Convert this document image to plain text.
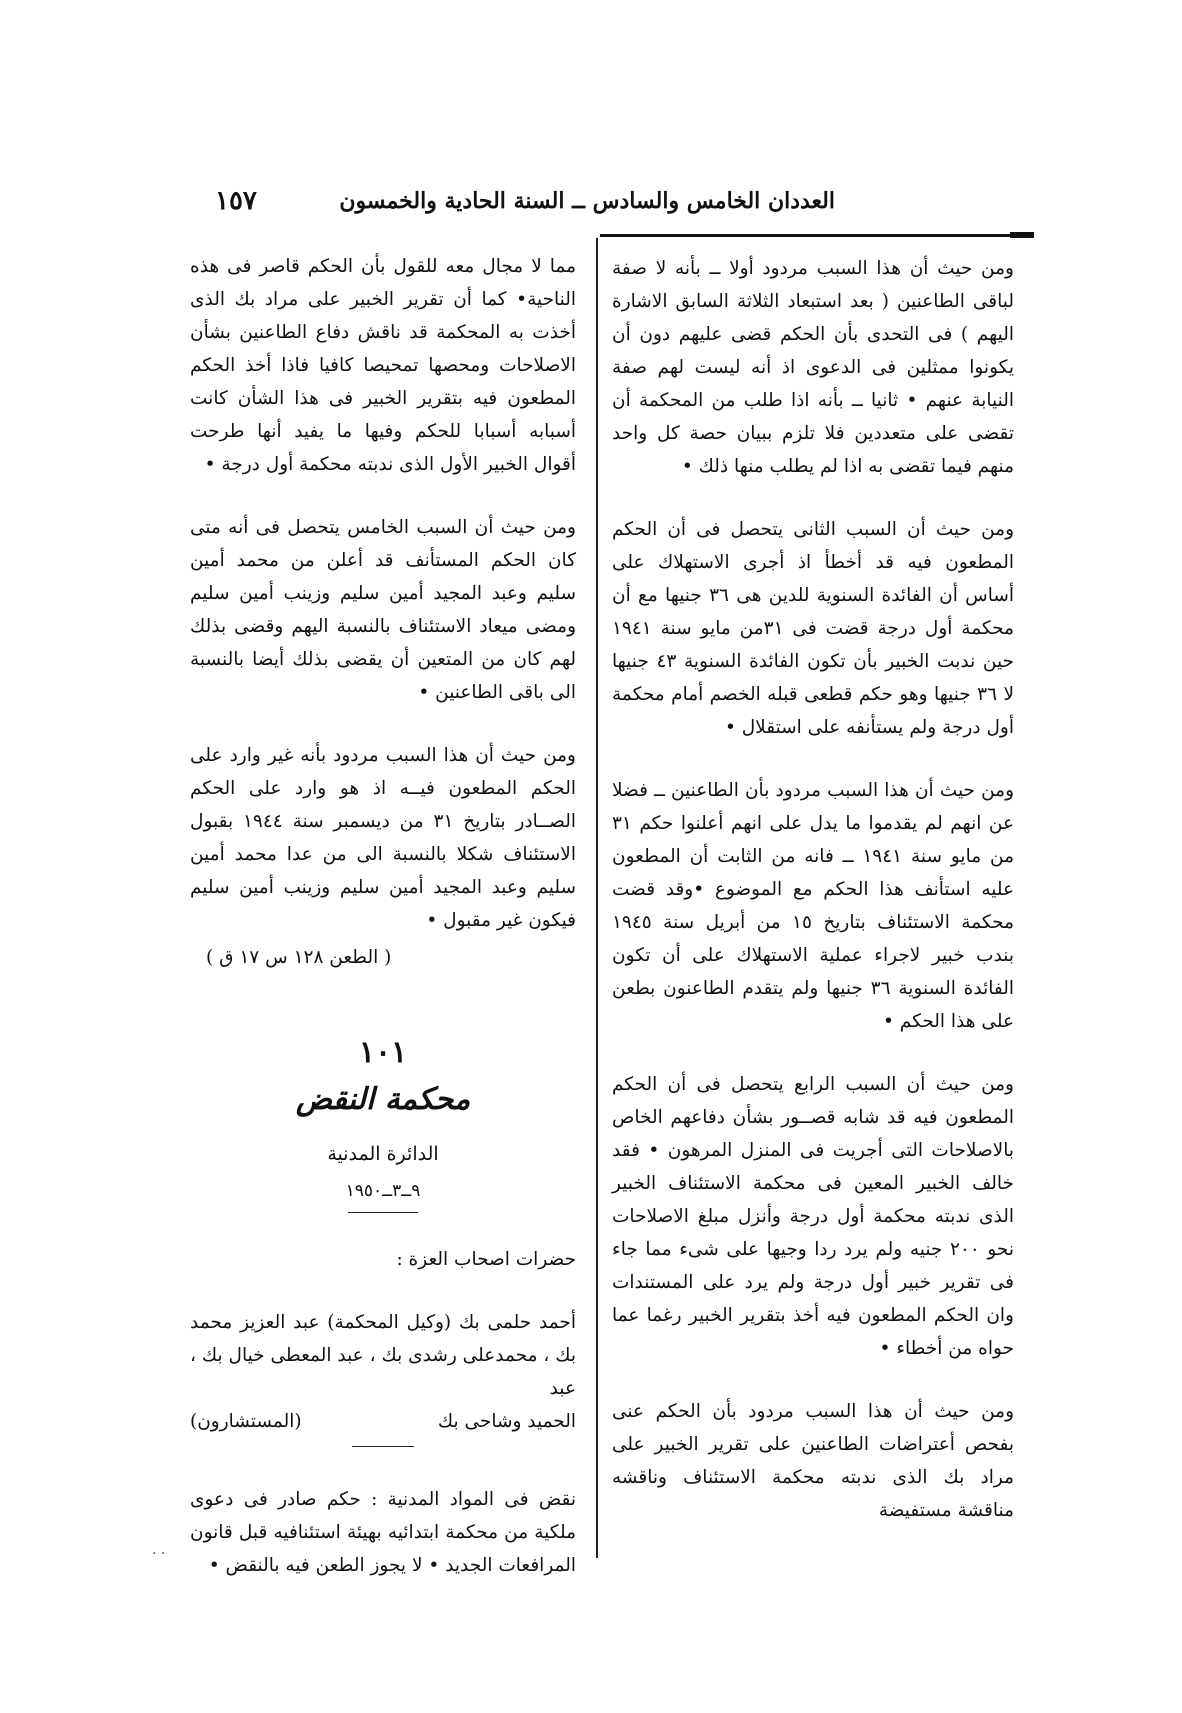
العددان الخامس والسادس ــ السنة الحادية والخمسون
١٥٧

ومن حيث أن هذا السبب مردود أولا ــ بأنه لا صفة لباقى الطاعنين ( بعد استبعاد الثلاثة السابق الاشارة اليهم ) فى التحدى بأن الحكم قضى عليهم دون أن يكونوا ممثلين فى الدعوى اذ أنه ليست لهم صفة النيابة عنهم • ثانيا ــ بأنه اذا طلب من المحكمة أن تقضى على متعددين فلا تلزم ببيان حصة كل واحد منهم فيما تقضى به اذا لم يطلب منها ذلك •

ومن حيث أن السبب الثانى يتحصل فى أن الحكم المطعون فيه قد أخطأ اذ أجرى الاستهلاك على أساس أن الفائدة السنوية للدين هى ٣٦ جنيها مع أن محكمة أول درجة قضت فى ٣١من مايو سنة ١٩٤١ حين ندبت الخبير بأن تكون الفائدة السنوية ٤٣ جنيها لا ٣٦ جنيها وهو حكم قطعى قبله الخصم أمام محكمة أول درجة ولم يستأنفه على استقلال •

ومن حيث أن هذا السبب مردود بأن الطاعنين ــ فضلا عن انهم لم يقدموا ما يدل على انهم أعلنوا حكم ٣١ من مايو سنة ١٩٤١ ــ فانه من الثابت أن المطعون عليه استأنف هذا الحكم مع الموضوع •وقد قضت محكمة الاستئناف بتاريخ ١٥ من أبريل سنة ١٩٤٥ بندب خبير لاجراء عملية الاستهلاك على أن تكون الفائدة السنوية ٣٦ جنيها ولم يتقدم الطاعنون بطعن على هذا الحكم •

ومن حيث أن السبب الرابع يتحصل فى أن الحكم المطعون فيه قد شابه قصــور بشأن دفاعهم الخاص بالاصلاحات التى أجريت فى المنزل المرهون • فقد خالف الخبير المعين فى محكمة الاستئناف الخبير الذى ندبته محكمة أول درجة وأنزل مبلغ الاصلاحات نحو ٢٠٠ جنيه ولم يرد ردا وجيها على شىء مما جاء فى تقرير خبير أول درجة ولم يرد على المستندات وان الحكم المطعون فيه أخذ بتقرير الخبير رغما عما حواه من أخطاء •

ومن حيث أن هذا السبب مردود بأن الحكم عنى بفحص أعتراضات الطاعنين على تقرير الخبير على مراد بك الذى ندبته محكمة الاستئناف وناقشه مناقشة مستفيضة

مما لا مجال معه للقول بأن الحكم قاصر فى هذه الناحية• كما أن تقرير الخبير على مراد بك الذى أخذت به المحكمة قد ناقش دفاع الطاعنين بشأن الاصلاحات ومحصها تمحيصا كافيا فاذا أخذ الحكم المطعون فيه بتقرير الخبير فى هذا الشأن كانت أسبابه أسبابا للحكم وفيها ما يفيد أنها طرحت أقوال الخبير الأول الذى ندبته محكمة أول درجة •

ومن حيث أن السبب الخامس يتحصل فى أنه متى كان الحكم المستأنف قد أعلن من محمد أمين سليم وعبد المجيد أمين سليم وزينب أمين سليم ومضى ميعاد الاستئناف بالنسبة اليهم وقضى بذلك لهم كان من المتعين أن يقضى بذلك أيضا بالنسبة الى باقى الطاعنين •

ومن حيث أن هذا السبب مردود بأنه غير وارد على الحكم المطعون فيــه اذ هو وارد على الحكم الصــادر بتاريخ ٣١ من ديسمبر سنة ١٩٤٤ بقبول الاستئناف شكلا بالنسبة الى من عدا محمد أمين سليم وعبد المجيد أمين سليم وزينب أمين سليم فيكون غير مقبول •

( الطعن ١٢٨ س ١٧ ق )

١٠١
محكمة النقض
الدائرة المدنية
٩ــ٣ــ١٩٥٠

حضرات اصحاب العزة :

أحمد حلمى بك (وكيل المحكمة) عبد العزيز محمد بك ، محمدعلى رشدى بك ، عبد المعطى خيال بك ، عبد

الحميد وشاحى بك
(المستشارون)

نقض فى المواد المدنية : حكم صادر فى دعوى ملكية من محكمة ابتدائيه بهيئة استئنافيه قبل قانون المرافعات الجديد • لا يجوز الطعن فيه بالنقض •

· ·
